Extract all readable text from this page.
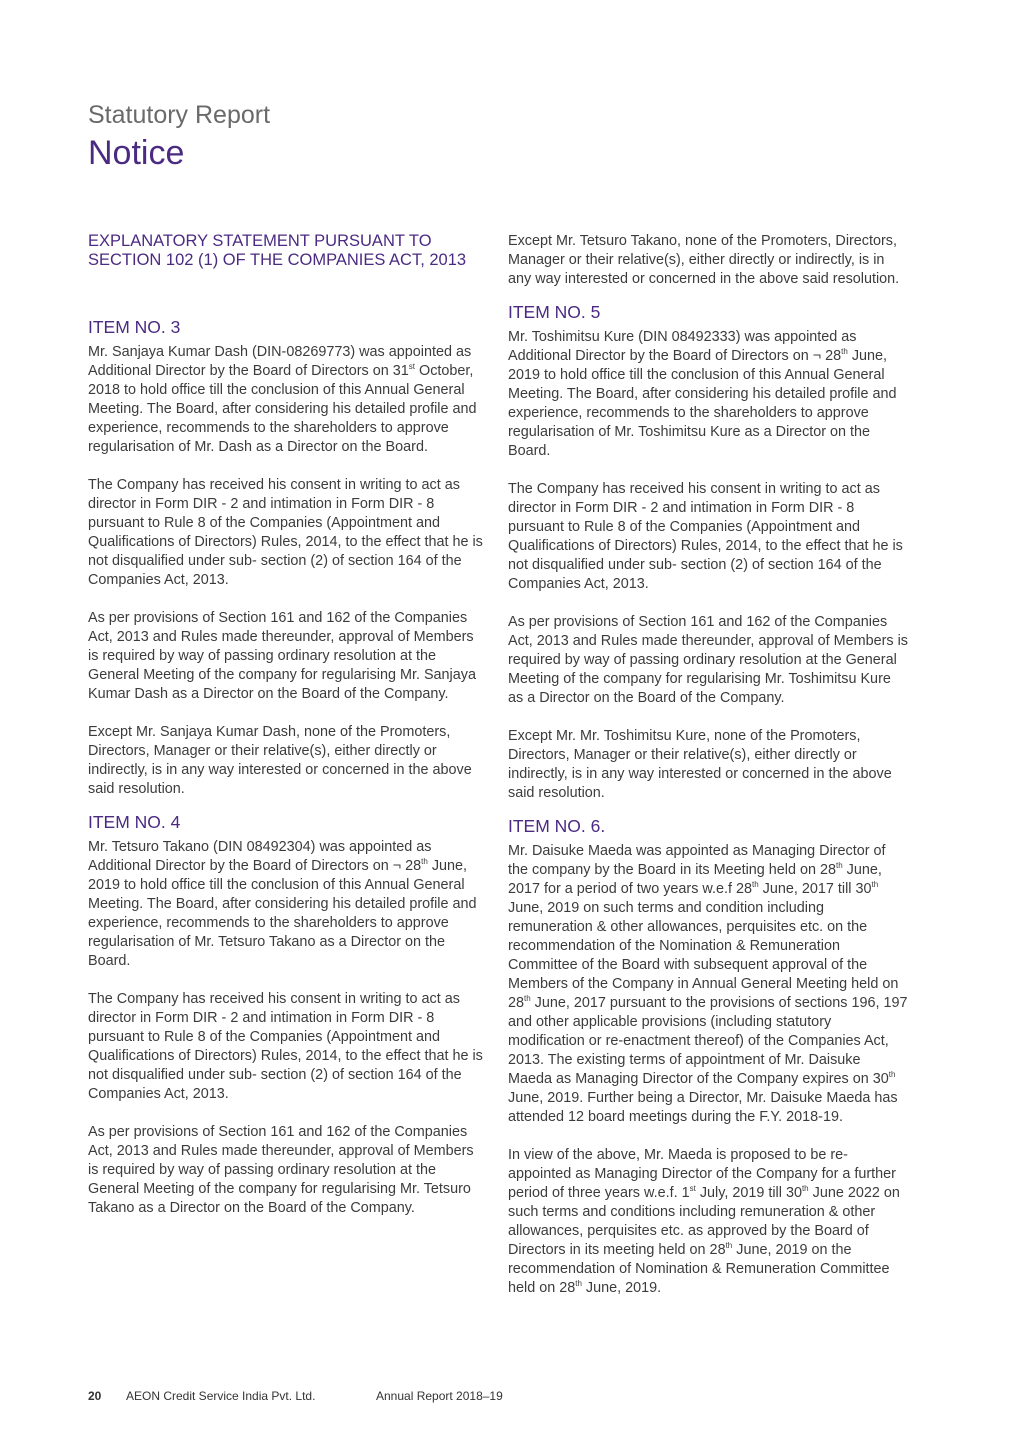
Statutory Report
Notice
EXPLANATORY STATEMENT PURSUANT TO SECTION 102 (1) OF THE COMPANIES ACT, 2013
ITEM NO. 3
Mr. Sanjaya Kumar Dash (DIN-08269773) was appointed as Additional Director by the Board of Directors on 31st October, 2018 to hold office till the conclusion of this Annual General Meeting. The Board, after considering his detailed profile and experience, recommends to the shareholders to approve regularisation of Mr. Dash as a Director on the Board.
The Company has received his consent in writing to act as director in Form DIR - 2 and intimation in Form DIR - 8 pursuant to Rule 8 of the Companies (Appointment and Qualifications of Directors) Rules, 2014, to the effect that he is not disqualified under sub- section (2) of section 164 of the Companies Act, 2013.
As per provisions of Section 161 and 162 of the Companies Act, 2013 and Rules made thereunder, approval of Members is required by way of passing ordinary resolution at the General Meeting of the company for regularising Mr. Sanjaya Kumar Dash as a Director on the Board of the Company.
Except Mr. Sanjaya Kumar Dash, none of the Promoters, Directors, Manager or their relative(s), either directly or indirectly, is in any way interested or concerned in the above said resolution.
ITEM NO. 4
Mr. Tetsuro Takano (DIN 08492304) was appointed as Additional Director by the Board of Directors on ¬ 28th June, 2019 to hold office till the conclusion of this Annual General Meeting. The Board, after considering his detailed profile and experience, recommends to the shareholders to approve regularisation of Mr. Tetsuro Takano as a Director on the Board.
The Company has received his consent in writing to act as director in Form DIR - 2 and intimation in Form DIR - 8 pursuant to Rule 8 of the Companies (Appointment and Qualifications of Directors) Rules, 2014, to the effect that he is not disqualified under sub- section (2) of section 164 of the Companies Act, 2013.
As per provisions of Section 161 and 162 of the Companies Act, 2013 and Rules made thereunder, approval of Members is required by way of passing ordinary resolution at the General Meeting of the company for regularising Mr. Tetsuro Takano as a Director on the Board of the Company.
Except Mr. Tetsuro Takano, none of the Promoters, Directors, Manager or their relative(s), either directly or indirectly, is in any way interested or concerned in the above said resolution.
ITEM NO. 5
Mr. Toshimitsu Kure (DIN 08492333) was appointed as Additional Director by the Board of Directors on ¬ 28th June, 2019 to hold office till the conclusion of this Annual General Meeting. The Board, after considering his detailed profile and experience, recommends to the shareholders to approve regularisation of Mr. Toshimitsu Kure as a Director on the Board.
The Company has received his consent in writing to act as director in Form DIR - 2 and intimation in Form DIR - 8 pursuant to Rule 8 of the Companies (Appointment and Qualifications of Directors) Rules, 2014, to the effect that he is not disqualified under sub- section (2) of section 164 of the Companies Act, 2013.
As per provisions of Section 161 and 162 of the Companies Act, 2013 and Rules made thereunder, approval of Members is required by way of passing ordinary resolution at the General Meeting of the company for regularising Mr. Toshimitsu Kure as a Director on the Board of the Company.
Except Mr. Mr. Toshimitsu Kure, none of the Promoters, Directors, Manager or their relative(s), either directly or indirectly, is in any way interested or concerned in the above said resolution.
ITEM NO. 6.
Mr. Daisuke Maeda was appointed as Managing Director of the company by the Board in its Meeting held on 28th June, 2017 for a period of two years w.e.f 28th June, 2017 till 30th June, 2019 on such terms and condition including remuneration & other allowances, perquisites etc. on the recommendation of the Nomination & Remuneration Committee of the Board with subsequent approval of the Members of the Company in Annual General Meeting held on 28th June, 2017 pursuant to the provisions of sections 196, 197 and other applicable provisions (including statutory modification or re-enactment thereof) of the Companies Act, 2013. The existing terms of appointment of Mr. Daisuke Maeda as Managing Director of the Company expires on 30th June, 2019. Further being a Director, Mr. Daisuke Maeda has attended 12 board meetings during the F.Y. 2018-19.
In view of the above, Mr. Maeda is proposed to be re-appointed as Managing Director of the Company for a further period of three years w.e.f. 1st July, 2019 till 30th June 2022 on such terms and conditions including remuneration & other allowances, perquisites etc. as approved by the Board of Directors in its meeting held on 28th June, 2019 on the recommendation of Nomination & Remuneration Committee held on 28th June, 2019.
20 AEON Credit Service India Pvt. Ltd.	Annual Report 2018–19
